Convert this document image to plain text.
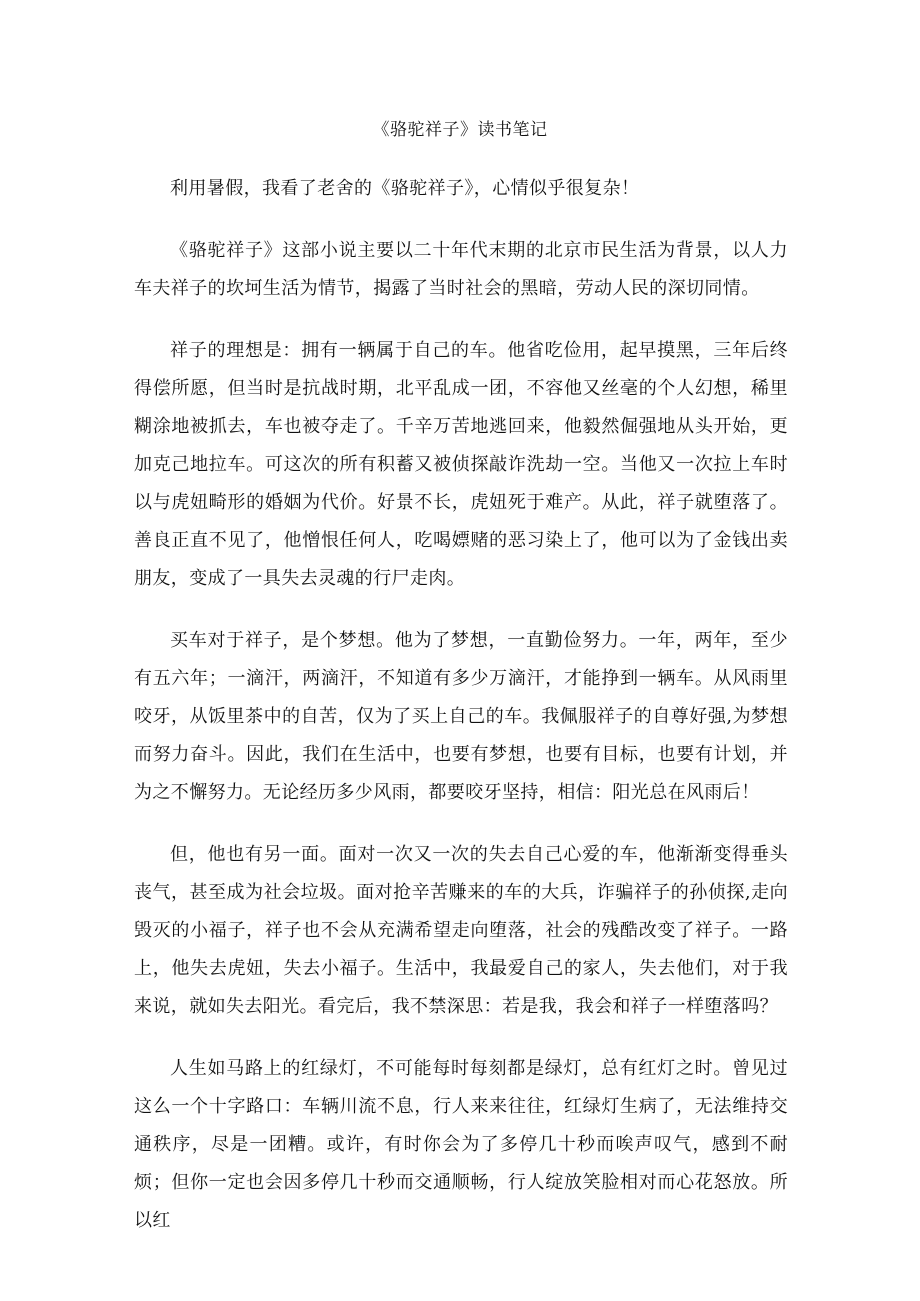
《骆驼祥子》读书笔记

利用暑假，我看了老舍的《骆驼祥子》，心情似乎很复杂！

《骆驼祥子》这部小说主要以二十年代末期的北京市民生活为背景，以人力车夫祥子的坎坷生活为情节，揭露了当时社会的黑暗，劳动人民的深切同情。

祥子的理想是：拥有一辆属于自己的车。他省吃俭用，起早摸黑，三年后终得偿所愿，但当时是抗战时期，北平乱成一团，不容他又丝毫的个人幻想，稀里糊涂地被抓去，车也被夺走了。千辛万苦地逃回来，他毅然倔强地从头开始，更加克己地拉车。可这次的所有积蓄又被侦探敲诈洗劫一空。当他又一次拉上车时以与虎妞畸形的婚姻为代价。好景不长，虎妞死于难产。从此，祥子就堕落了。善良正直不见了，他憎恨任何人，吃喝嫖赌的恶习染上了，他可以为了金钱出卖朋友，变成了一具失去灵魂的行尸走肉。

买车对于祥子，是个梦想。他为了梦想，一直勤俭努力。一年，两年，至少有五六年；一滴汗，两滴汗，不知道有多少万滴汗，才能挣到一辆车。从风雨里咬牙，从饭里茶中的自苦，仅为了买上自己的车。我佩服祥子的自尊好强,为梦想而努力奋斗。因此，我们在生活中，也要有梦想，也要有目标，也要有计划，并为之不懈努力。无论经历多少风雨，都要咬牙坚持，相信：阳光总在风雨后！

但，他也有另一面。面对一次又一次的失去自己心爱的车，他渐渐变得垂头丧气，甚至成为社会垃圾。面对抢辛苦赚来的车的大兵，诈骗祥子的孙侦探,走向毁灭的小福子，祥子也不会从充满希望走向堕落，社会的残酷改变了祥子。一路上，他失去虎妞，失去小福子。生活中，我最爱自己的家人，失去他们，对于我来说，就如失去阳光。看完后，我不禁深思：若是我，我会和祥子一样堕落吗？

人生如马路上的红绿灯，不可能每时每刻都是绿灯，总有红灯之时。曾见过这么一个十字路口：车辆川流不息，行人来来往往，红绿灯生病了，无法维持交通秩序，尽是一团糟。或许，有时你会为了多停几十秒而唉声叹气，感到不耐烦；但你一定也会因多停几十秒而交通顺畅，行人绽放笑脸相对而心花怒放。所以红
